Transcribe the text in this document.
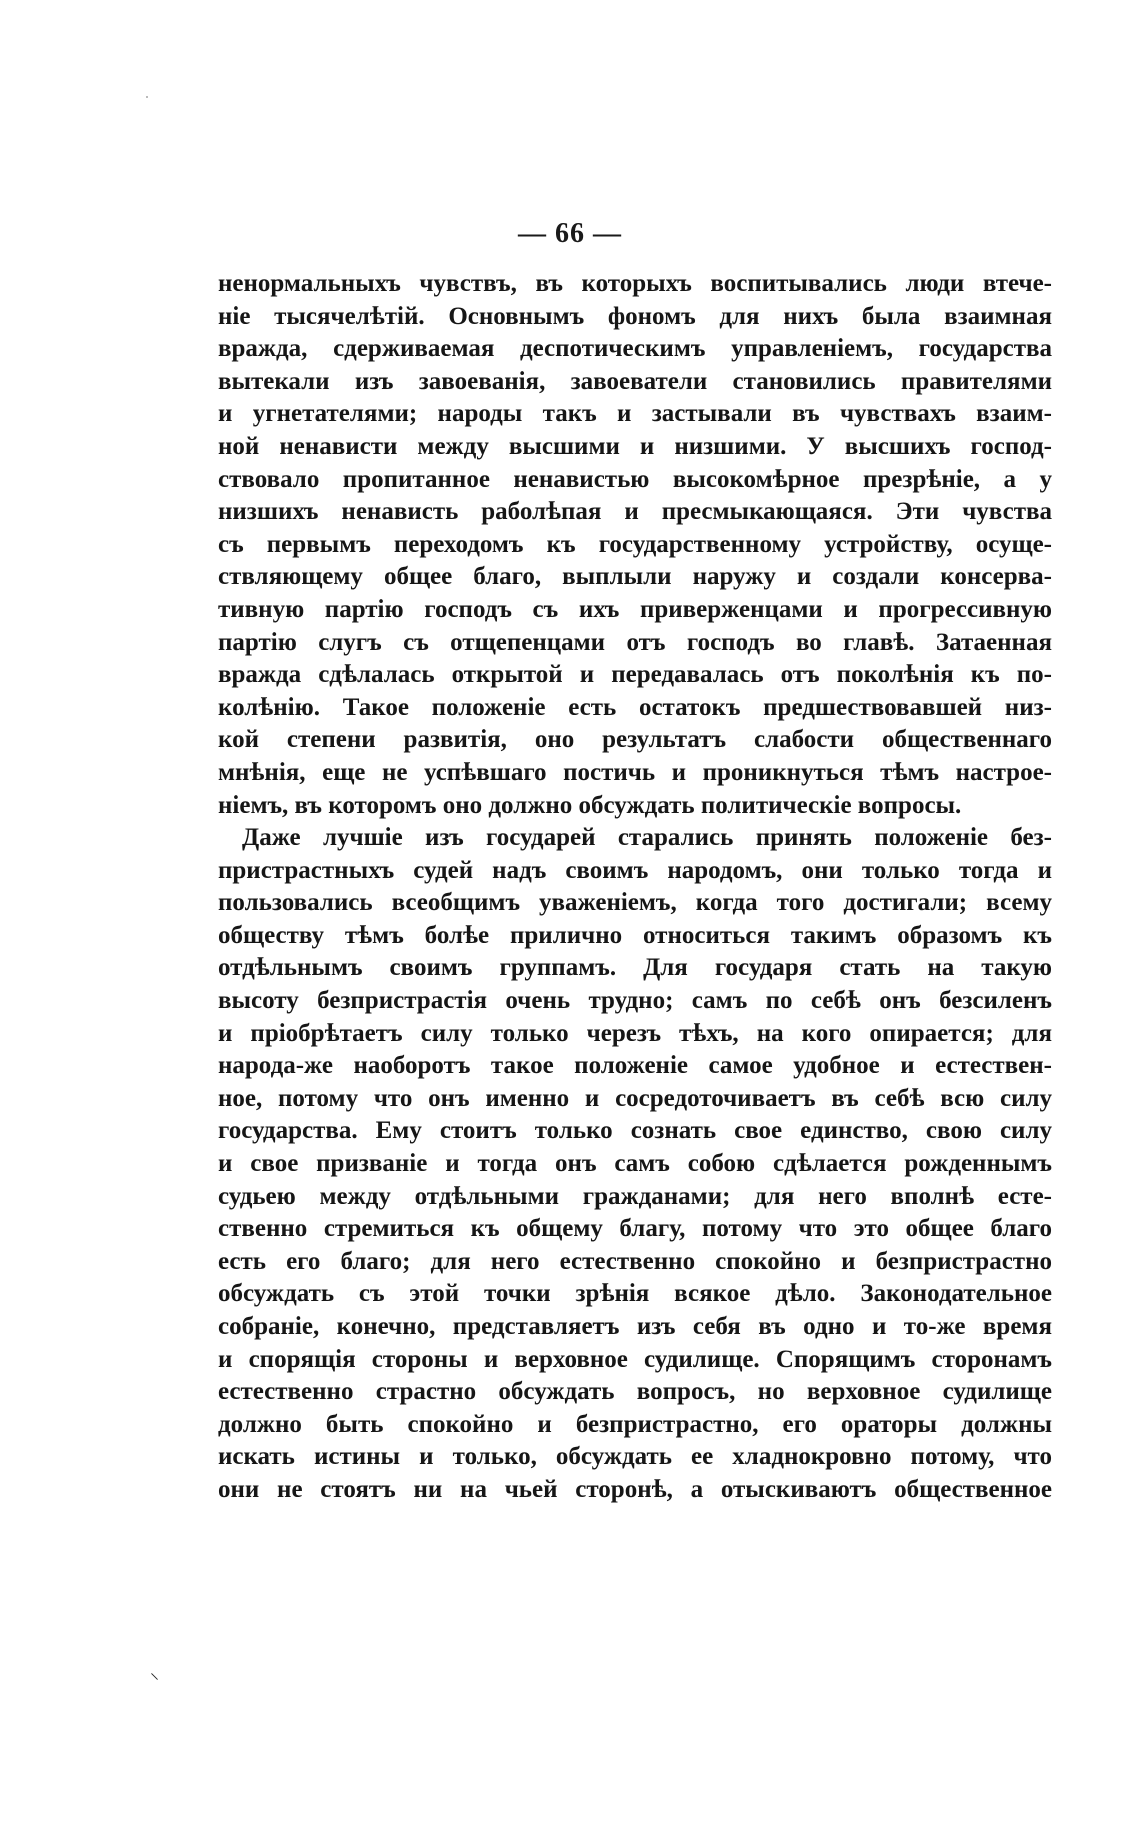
— 66 —
ненормальныхъ чувствъ, въ которыхъ воспитывались люди втече-
ніе тысячелѣтій. Основнымъ фономъ для нихъ была взаимная
вражда, сдерживаемая деспотическимъ управленіемъ, государства
вытекали изъ завоеванія, завоеватели становились правителями
и угнетателями; народы такъ и застывали въ чувствахъ взаим-
ной ненависти между высшими и низшими. У высшихъ господ-
ствовало пропитанное ненавистью высокомѣрное презрѣніе, а у
низшихъ ненависть раболѣпая и пресмыкающаяся. Эти чувства
съ первымъ переходомъ къ государственному устройству, осуще-
ствляющему общее благо, выплыли наружу и создали консерва-
тивную партію господъ съ ихъ приверженцами и прогрессивную
партію слугъ съ отщепенцами отъ господъ во главѣ. Затаенная
вражда сдѣлалась открытой и передавалась отъ поколѣнія къ по-
колѣнію. Такое положеніе есть остатокъ предшествовавшей низ-
кой степени развитія, оно результатъ слабости общественнаго
мнѣнія, еще не успѣвшаго постичь и проникнуться тѣмъ настрое-
ніемъ, въ которомъ оно должно обсуждать политическіе вопросы.
Даже лучшіе изъ государей старались принять положеніе без-
пристрастныхъ судей надъ своимъ народомъ, они только тогда и
пользовались всеобщимъ уваженіемъ, когда того достигали; всему
обществу тѣмъ болѣе прилично относиться такимъ образомъ къ
отдѣльнымъ своимъ группамъ. Для государя стать на такую
высоту безпристрастія очень трудно; самъ по себѣ онъ безсиленъ
и пріобрѣтаетъ силу только черезъ тѣхъ, на кого опирается; для
народа-же наоборотъ такое положеніе самое удобное и естествен-
ное, потому что онъ именно и сосредоточиваетъ въ себѣ всю силу
государства. Ему стоитъ только сознать свое единство, свою силу
и свое призваніе и тогда онъ самъ собою сдѣлается рожденнымъ
судьею между отдѣльными гражданами; для него вполнѣ есте-
ственно стремиться къ общему благу, потому что это общее благо
есть его благо; для него естественно спокойно и безпристрастно
обсуждать съ этой точки зрѣнія всякое дѣло. Законодательное
собраніе, конечно, представляетъ изъ себя въ одно и то-же время
и спорящія стороны и верховное судилище. Спорящимъ сторонамъ
естественно страстно обсуждать вопросъ, но верховное судилище
должно быть спокойно и безпристрастно, его ораторы должны
искать истины и только, обсуждать ее хладнокровно потому, что
они не стоятъ ни на чьей сторонѣ, а отыскиваютъ общественное
⸌
